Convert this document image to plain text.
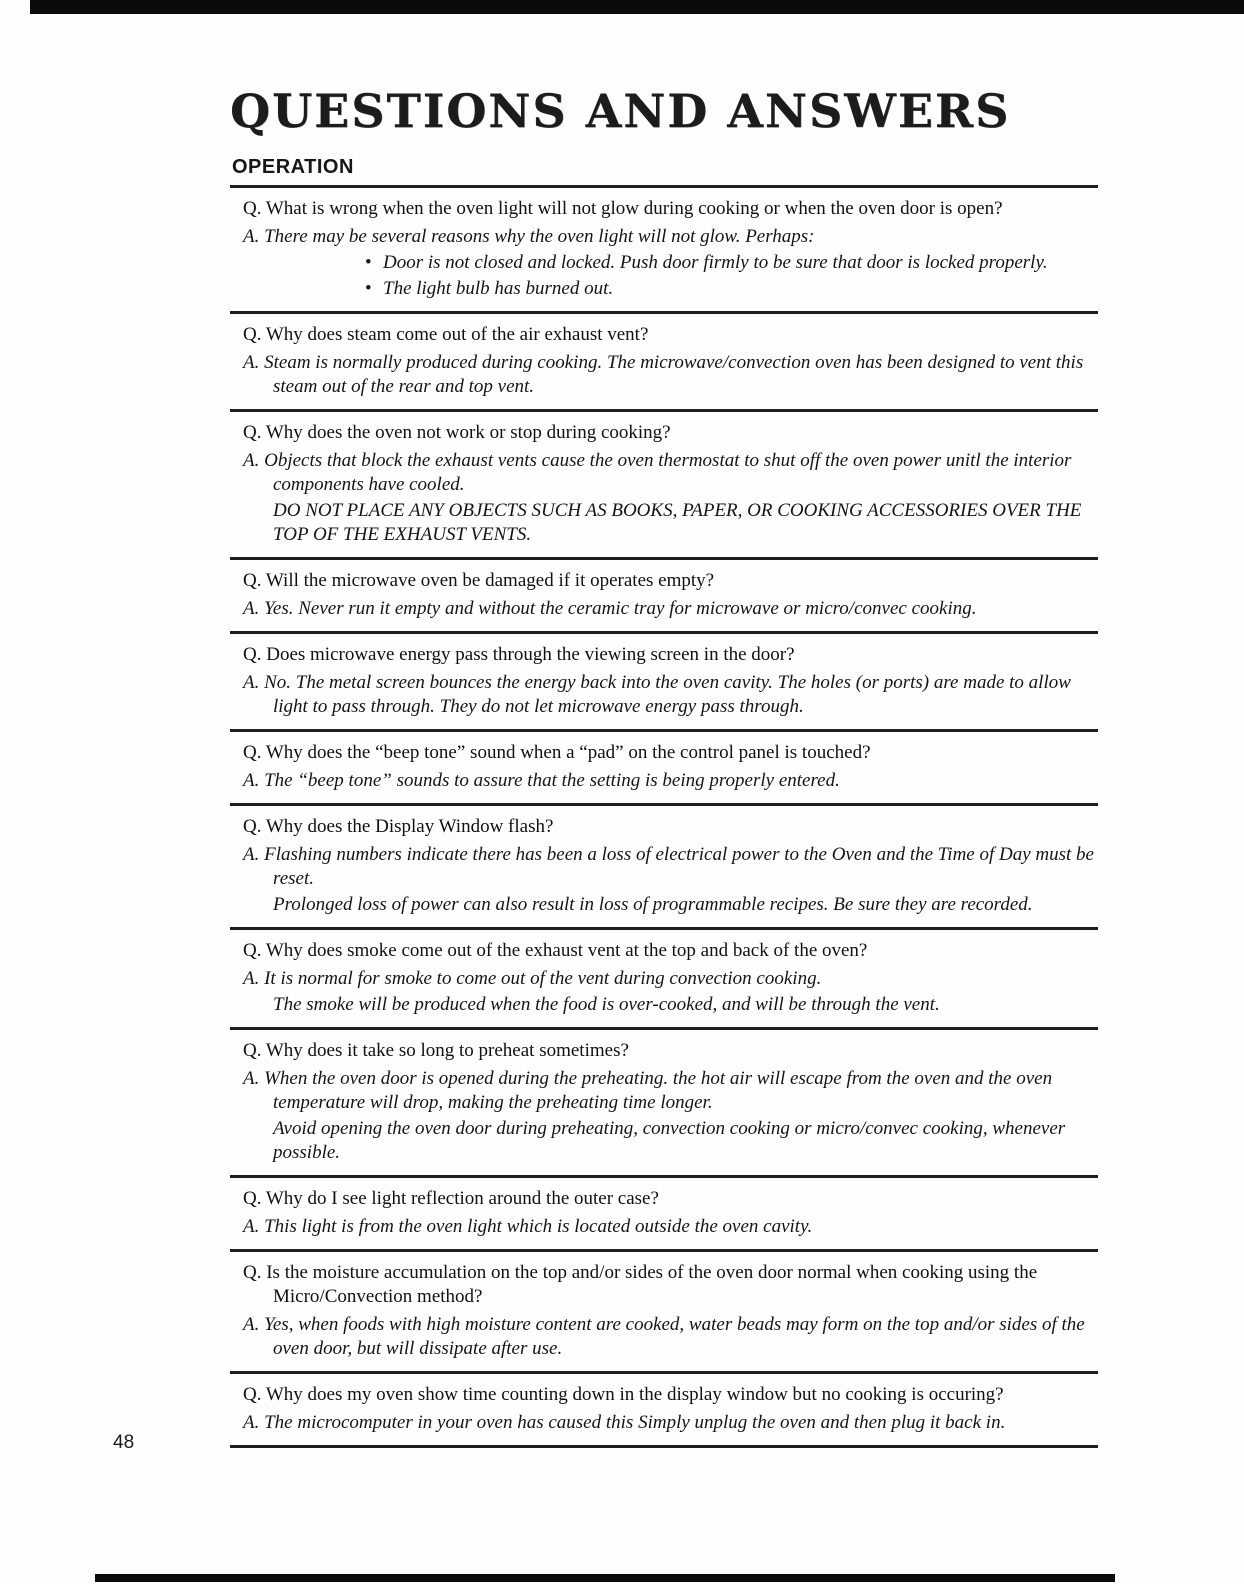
QUESTIONS AND ANSWERS
OPERATION

Q. What is wrong when the oven light will not glow during cooking or when the oven door is open?

A. There may be several reasons why the oven light will not glow. Perhaps:

• Door is not closed and locked. Push door firmly to be sure that door is locked properly.

• The light bulb has burned out.

Q. Why does steam come out of the air exhaust vent?

A. Steam is normally produced during cooking. The microwave/convection oven has been designed to vent this steam out of the rear and top vent.

Q. Why does the oven not work or stop during cooking?

A. Objects that block the exhaust vents cause the oven thermostat to shut off the oven power unitl the interior components have cooled.

DO NOT PLACE ANY OBJECTS SUCH AS BOOKS, PAPER, OR COOKING ACCESSORIES OVER THE TOP OF THE EXHAUST VENTS.

Q. Will the microwave oven be damaged if it operates empty?

A. Yes. Never run it empty and without the ceramic tray for microwave or micro/convec cooking.

Q. Does microwave energy pass through the viewing screen in the door?

A. No. The metal screen bounces the energy back into the oven cavity. The holes (or ports) are made to allow light to pass through. They do not let microwave energy pass through.

Q. Why does the “beep tone” sound when a “pad” on the control panel is touched?

A. The “beep tone” sounds to assure that the setting is being properly entered.

Q. Why does the Display Window flash?

A. Flashing numbers indicate there has been a loss of electrical power to the Oven and the Time of Day must be reset.

Prolonged loss of power can also result in loss of programmable recipes. Be sure they are recorded.

Q. Why does smoke come out of the exhaust vent at the top and back of the oven?

A. It is normal for smoke to come out of the vent during convection cooking.

The smoke will be produced when the food is over-cooked, and will be through the vent.

Q. Why does it take so long to preheat sometimes?

A. When the oven door is opened during the preheating. the hot air will escape from the oven and the oven temperature will drop, making the preheating time longer.

Avoid opening the oven door during preheating, convection cooking or micro/convec cooking, whenever possible.

Q. Why do I see light reflection around the outer case?

A. This light is from the oven light which is located outside the oven cavity.

Q. Is the moisture accumulation on the top and/or sides of the oven door normal when cooking using the Micro/Convection method?

A. Yes, when foods with high moisture content are cooked, water beads may form on the top and/or sides of the oven door, but will dissipate after use.

Q. Why does my oven show time counting down in the display window but no cooking is occuring?

A. The microcomputer in your oven has caused this Simply unplug the oven and then plug it back in.

48
